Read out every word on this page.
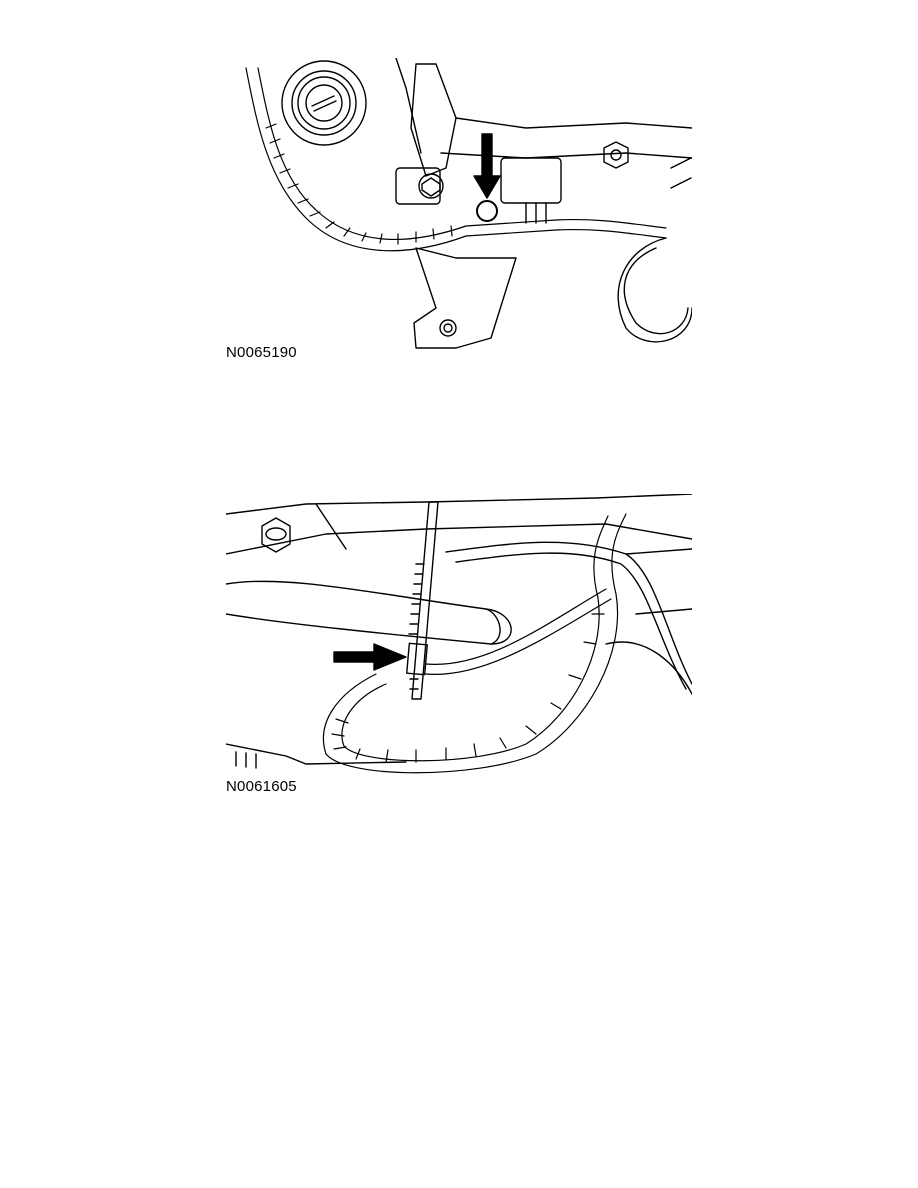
N0065190
N0061605
